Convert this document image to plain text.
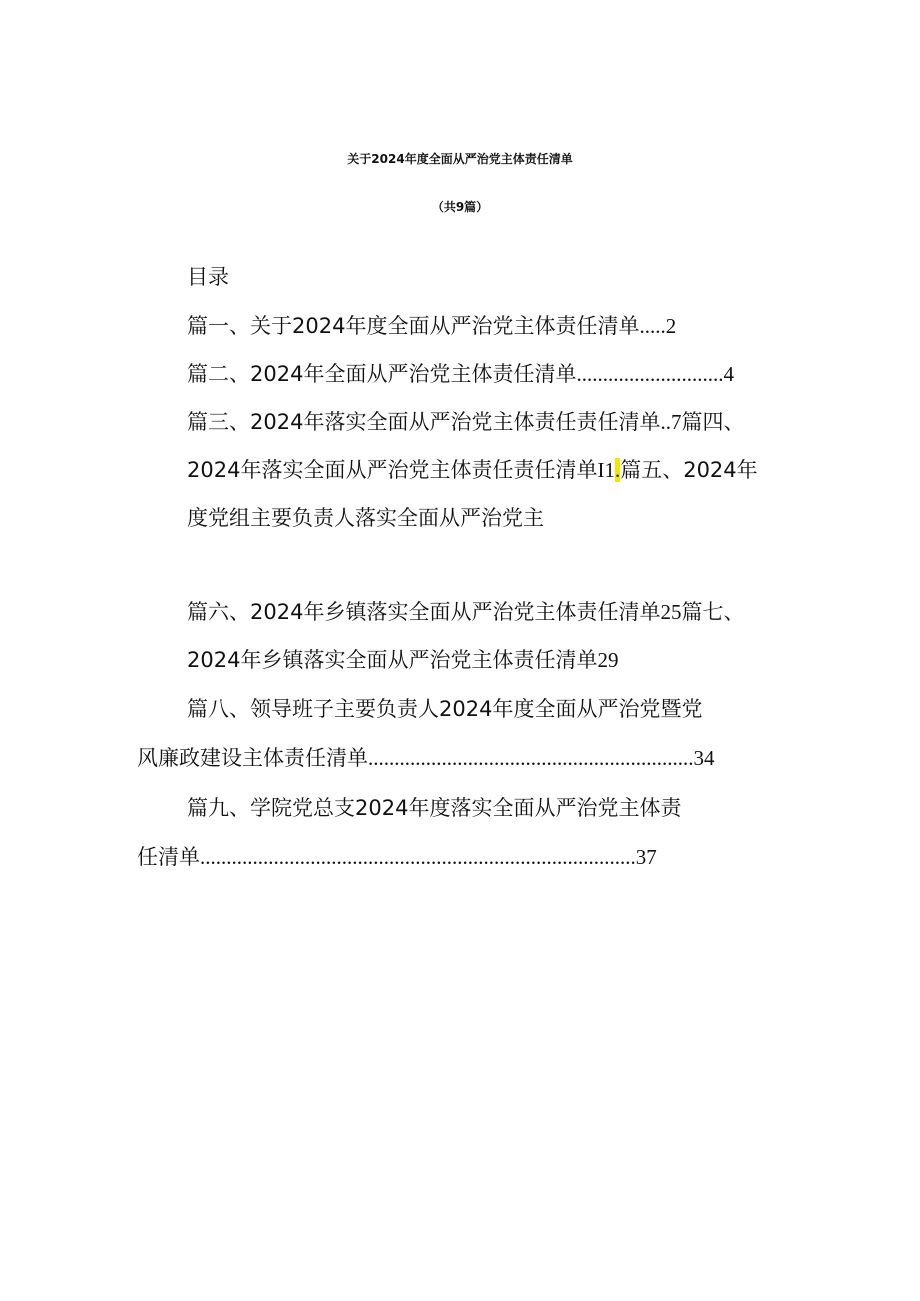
关于2024年度全面从严治党主体责任清单
（共9篇）
目录
篇一、关于2024年度全面从严治党主体责任清单.....2
篇二、2024年全面从严治党主体责任清单............................4
篇三、2024年落实全面从严治党主体责任责任清单..7篇四、
2024年落实全面从严治党主体责任责任清单I1.篇五、2024年
度党组主要负责人落实全面从严治党主
篇六、2024年乡镇落实全面从严治党主体责任清单25篇七、
2024年乡镇落实全面从严治党主体责任清单29
篇八、领导班子主要负责人2024年度全面从严治党暨党
风廉政建设主体责任清单..............................................................34
篇九、学院党总支2024年度落实全面从严治党主体责
任清单...................................................................................37
